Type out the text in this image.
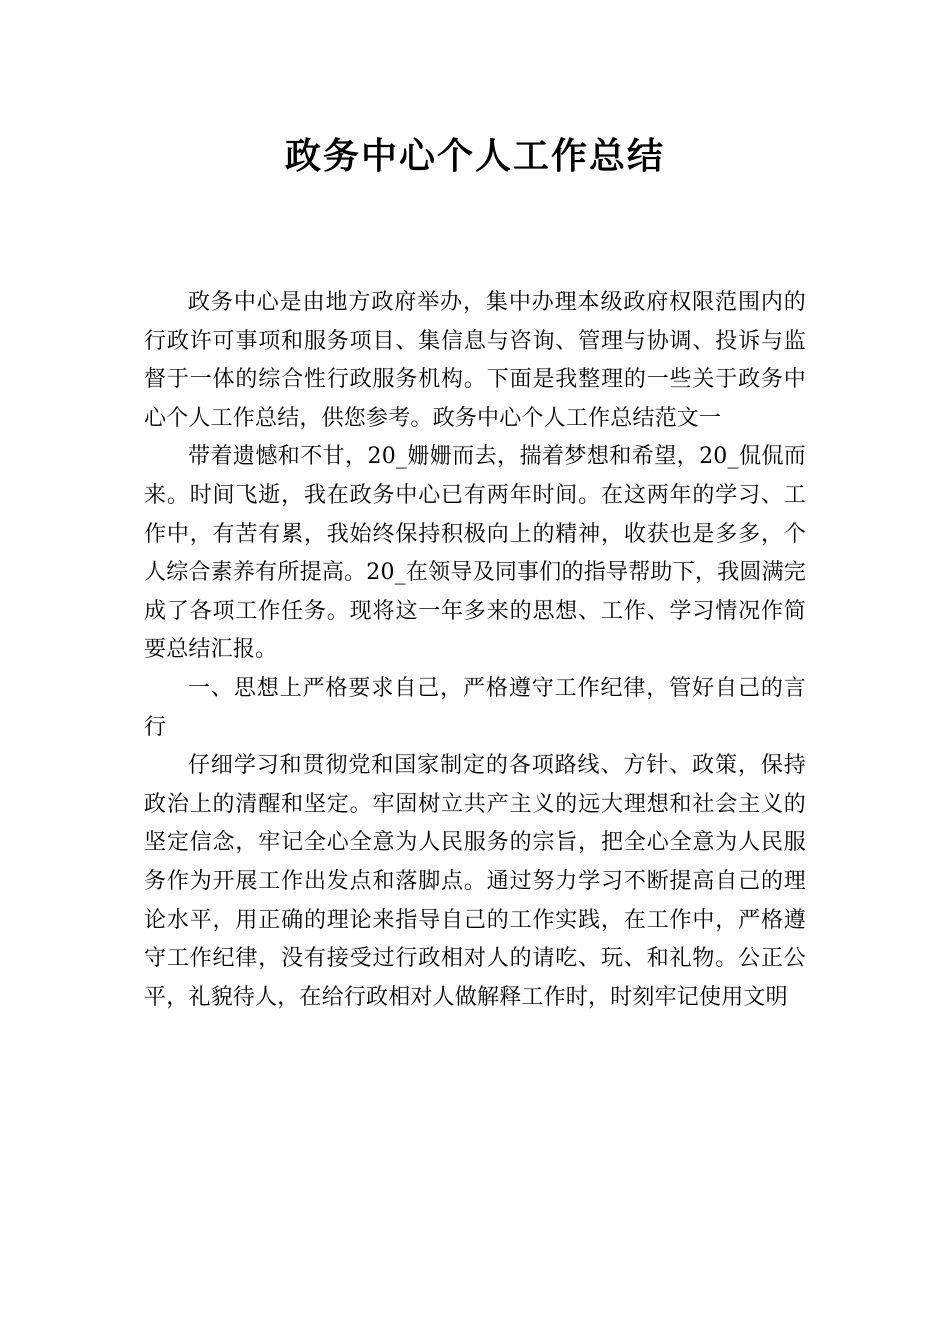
政务中心个人工作总结

政务中心是由地方政府举办，集中办理本级政府权限范围内的行政许可事项和服务项目、集信息与咨询、管理与协调、投诉与监督于一体的综合性行政服务机构。下面是我整理的一些关于政务中心个人工作总结，供您参考。政务中心个人工作总结范文一

带着遗憾和不甘，20_姗姗而去，揣着梦想和希望，20_侃侃而来。时间飞逝，我在政务中心已有两年时间。在这两年的学习、工作中，有苦有累，我始终保持积极向上的精神，收获也是多多，个人综合素养有所提高。20_在领导及同事们的指导帮助下，我圆满完成了各项工作任务。现将这一年多来的思想、工作、学习情况作简要总结汇报。

一、思想上严格要求自己，严格遵守工作纪律，管好自己的言行

仔细学习和贯彻党和国家制定的各项路线、方针、政策，保持政治上的清醒和坚定。牢固树立共产主义的远大理想和社会主义的坚定信念，牢记全心全意为人民服务的宗旨，把全心全意为人民服务作为开展工作出发点和落脚点。通过努力学习不断提高自己的理论水平，用正确的理论来指导自己的工作实践，在工作中，严格遵守工作纪律，没有接受过行政相对人的请吃、玩、和礼物。公正公平，礼貌待人，在给行政相对人做解释工作时，时刻牢记使用文明
